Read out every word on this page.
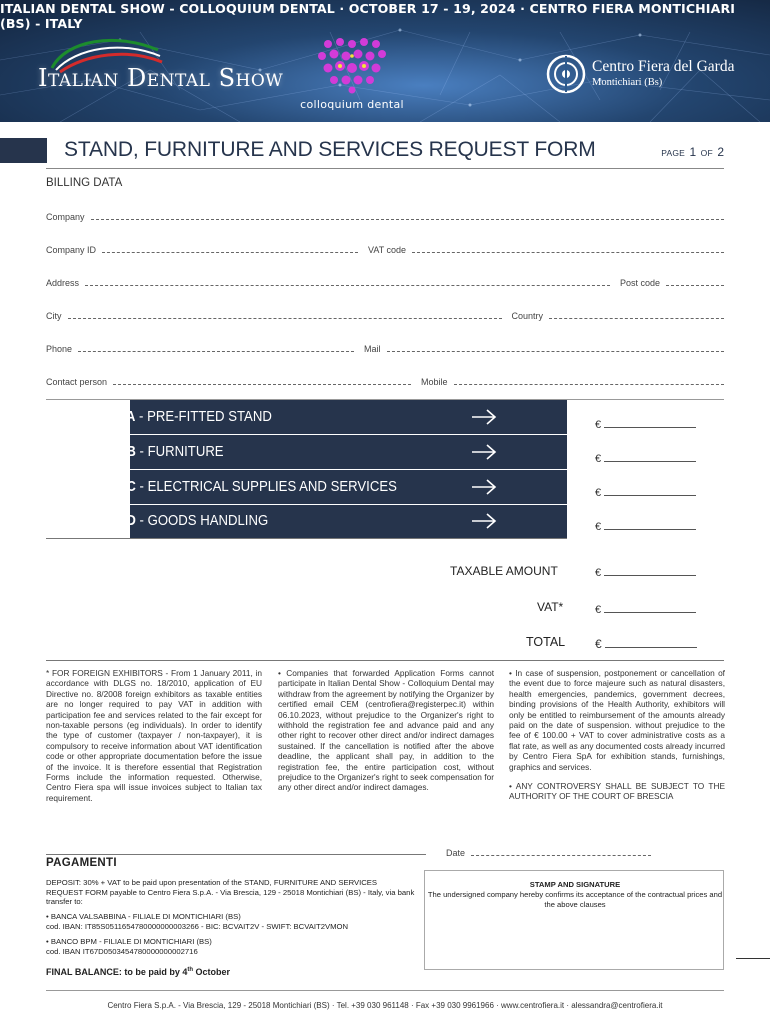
ITALIAN DENTAL SHOW - COLLOQUIUM DENTAL · OCTOBER 17 - 19, 2024 · CENTRO FIERA MONTICHIARI (BS) - ITALY
Italian Dental Show
colloquium dental
Centro Fiera del Garda
Montichiari (Bs)
STAND, FURNITURE AND SERVICES REQUEST FORM	PAGE 1 OF 2
BILLING DATA
Company
Company ID	VAT code
Address	Post code
City	Country
Phone	Mail
Contact person	Mobile
FORM A - PRE-FITTED STAND	€
FORM B - FURNITURE	€
FORM C - ELECTRICAL SUPPLIES AND SERVICES	€
FORM D - GOODS HANDLING	€
TAXABLE AMOUNT	€
VAT*	€
TOTAL €
* FOR FOREIGN EXHIBITORS - From 1 January 2011, in accordance with DLGS no. 18/2010, application of EU Directive no. 8/2008 foreign exhibitors as taxable entities are no longer required to pay VAT in addition with participation fee and services related to the fair except for non-taxable persons (eg individuals). In order to identify the type of customer (taxpayer / non-taxpayer), it is compulsory to receive information about VAT identification code or other appropriate documentation before the issue of the invoice. It is therefore essential that Registration Forms include the information requested. Otherwise, Centro Fiera spa will issue invoices subject to Italian tax requirement.
• Companies that forwarded Application Forms cannot participate in Italian Dental Show - Colloquium Dental may withdraw from the agreement by notifying the Organizer by certified email CEM (centrofiera@registerpec.it) within 06.10.2023, without prejudice to the Organizer's right to withhold the registration fee and advance paid and any other right to recover other direct and/or indirect damages sustained. If the cancellation is notified after the above deadline, the applicant shall pay, in addition to the registration fee, the entire participation cost, without prejudice to the Organizer's right to seek compensation for any other direct and/or indirect damages.
• In case of suspension, postponement or cancellation of the event due to force majeure such as natural disasters, health emergencies, pandemics, government decrees, binding provisions of the Health Authority, exhibitors will only be entitled to reimbursement of the amounts already paid on the date of suspension. without prejudice to the fee of € 100.00 + VAT to cover administrative costs as a flat rate, as well as any documented costs already incurred by Centro Fiera SpA for exhibition stands, furnishings, graphics and services.
• ANY CONTROVERSY SHALL BE SUBJECT TO THE AUTHORITY OF THE COURT OF BRESCIA
Date
PAGAMENTI
DEPOSIT: 30% + VAT to be paid upon presentation of the STAND, FURNITURE AND SERVICES REQUEST FORM payable to Centro Fiera S.p.A. - Via Brescia, 129 - 25018 Montichiari (BS) - Italy, via bank transfer to:
• BANCA VALSABBINA - FILIALE DI MONTICHIARI (BS)
cod. IBAN: IT85S0511654780000000003266 - BIC: BCVAIT2V - SWIFT: BCVAIT2VMON
• BANCO BPM - FILIALE DI MONTICHIARI (BS)
cod. IBAN IT67D0503454780000000002716
STAMP AND SIGNATURE
The undersigned company hereby confirms its acceptance of the contractual prices and the above clauses
FINAL BALANCE: to be paid by 4th October
Centro Fiera S.p.A. - Via Brescia, 129 - 25018 Montichiari (BS) · Tel. +39 030 961148 · Fax +39 030 9961966 · www.centrofiera.it · alessandra@centrofiera.it
